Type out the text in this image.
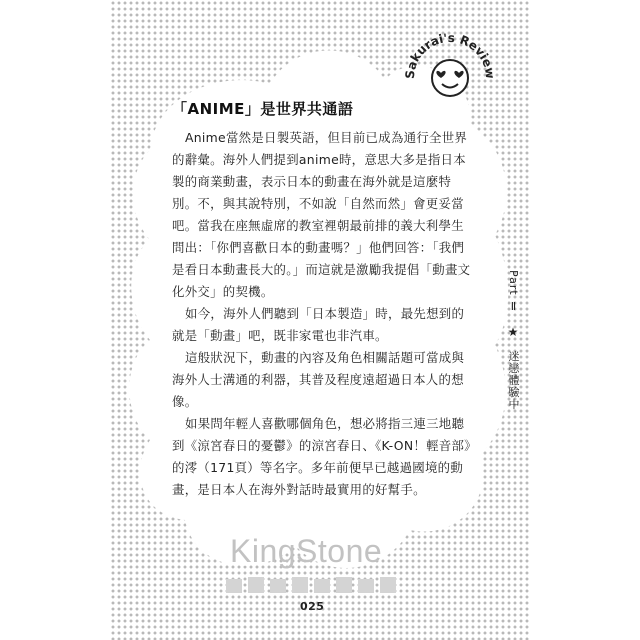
Sakurai's Review
「ANIME」是世界共通語

Anime當然是日製英語，但目前已成為通行全世界的辭彙。海外人們提到anime時，意思大多是指日本製的商業動畫，表示日本的動畫在海外就是這麼特別。不，與其說特別，不如說「自然而然」會更妥當吧。當我在座無虛席的教室裡朝最前排的義大利學生問出：「你們喜歡日本的動畫嗎？」他們回答：「我們是看日本動畫長大的。」而這就是激勵我提倡「動畫文化外交」的契機。

如今，海外人們聽到「日本製造」時，最先想到的就是「動畫」吧，既非家電也非汽車。

這般狀況下，動畫的內容及角色相關話題可當成與海外人士溝通的利器，其普及程度遠超過日本人的想像。

如果問年輕人喜歡哪個角色，想必將指三連三地聽到《涼宮春日的憂鬱》的涼宮春日、《K-ON！輕音部》的澪（171頁）等名字。多年前便早已越過國境的動畫，是日本人在海外對話時最實用的好幫手。

Part Ⅱ ★ 迷戀體驗中
KingStone
025
